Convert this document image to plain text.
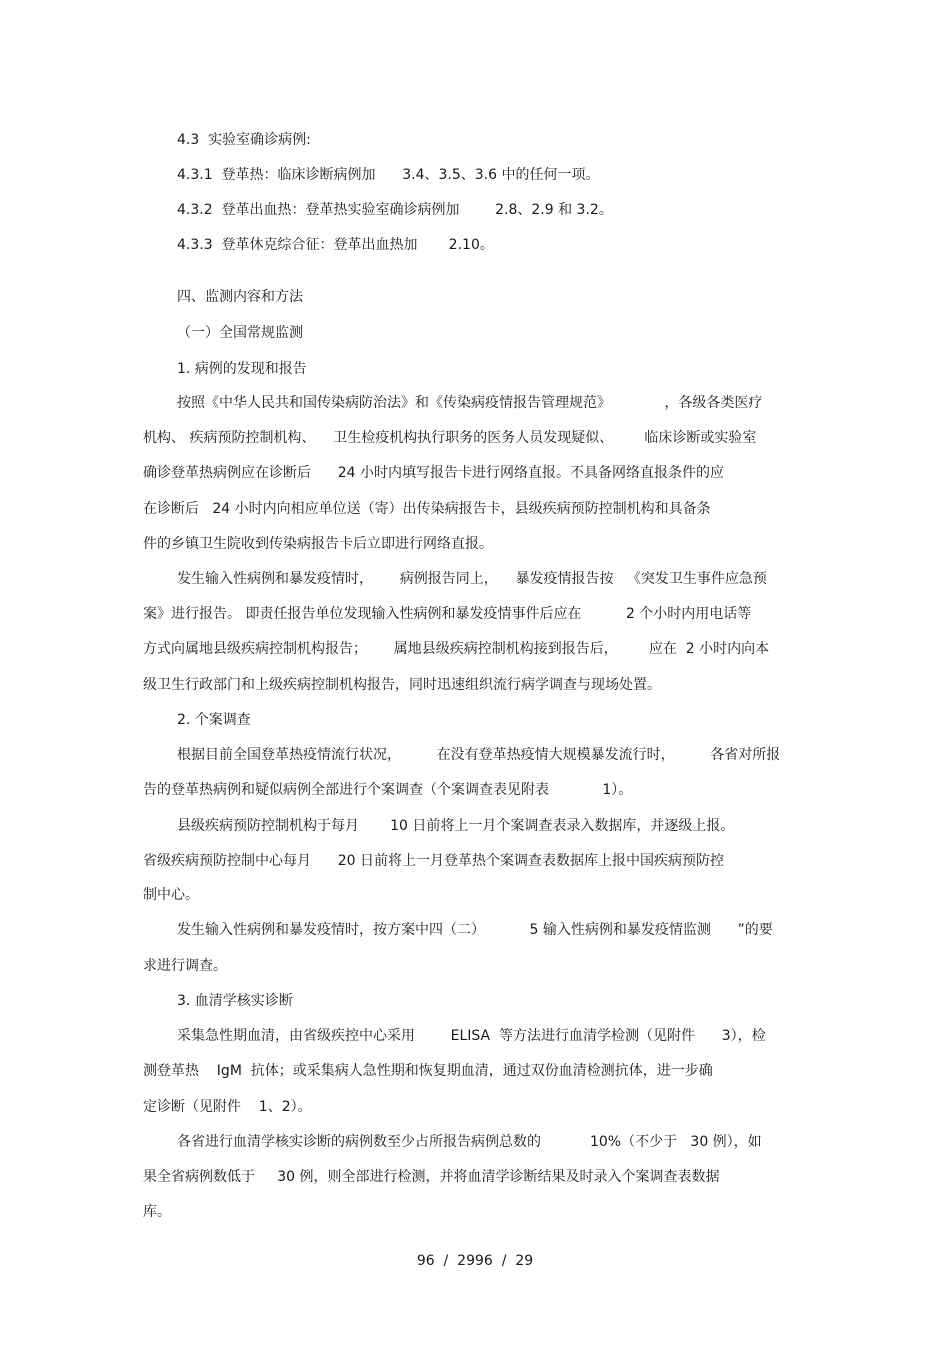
4.3  实验室确诊病例:
4.3.1  登革热：临床诊断病例加      3.4、3.5、3.6 中的任何一项。
4.3.2  登革出血热：登革热实验室确诊病例加        2.8、2.9 和 3.2。
4.3.3  登革休克综合征：登革出血热加       2.10。
四、监测内容和方法
（一）全国常规监测
1. 病例的发现和报告
按照《中华人民共和国传染病防治法》和《传染病疫情报告管理规范》            ，各级各类医疗
机构、 疾病预防控制机构、    卫生检疫机构执行职务的医务人员发现疑似、       临床诊断或实验室
确诊登革热病例应在诊断后      24 小时内填写报告卡进行网络直报。不具备网络直报条件的应
在诊断后   24 小时内向相应单位送（寄）出传染病报告卡，县级疾病预防控制机构和具备条
件的乡镇卫生院收到传染病报告卡后立即进行网络直报。
发生输入性病例和暴发疫情时，      病例报告同上，    暴发疫情报告按   《突发卫生事件应急预
案》进行报告。 即责任报告单位发现输入性病例和暴发疫情事件后应在          2 个小时内用电话等
方式向属地县级疾病控制机构报告；      属地县级疾病控制机构接到报告后，       应在  2 小时内向本
级卫生行政部门和上级疾病控制机构报告，同时迅速组织流行病学调查与现场处置。
2. 个案调查
根据目前全国登革热疫情流行状况，        在没有登革热疫情大规模暴发流行时，        各省对所报
告的登革热病例和疑似病例全部进行个案调查（个案调查表见附表            1）。
县级疾病预防控制机构于每月       10 日前将上一月个案调查表录入数据库，并逐级上报。
省级疾病预防控制中心每月      20 日前将上一月登革热个案调查表数据库上报中国疾病预防控
制中心。
发生输入性病例和暴发疫情时，按方案中四（二）          5 输入性病例和暴发疫情监测      ”的要
求进行调查。
3. 血清学核实诊断
采集急性期血清，由省级疾控中心采用        ELISA  等方法进行血清学检测（见附件      3），检
测登革热    IgM  抗体；或采集病人急性期和恢复期血清，通过双份血清检测抗体，进一步确
定诊断（见附件    1、2）。
各省进行血清学核实诊断的病例数至少占所报告病例总数的           10%（不少于   30 例），如
果全省病例数低于     30 例，则全部进行检测，并将血清学诊断结果及时录入个案调查表数据
库。
96  /  2996  /  29
